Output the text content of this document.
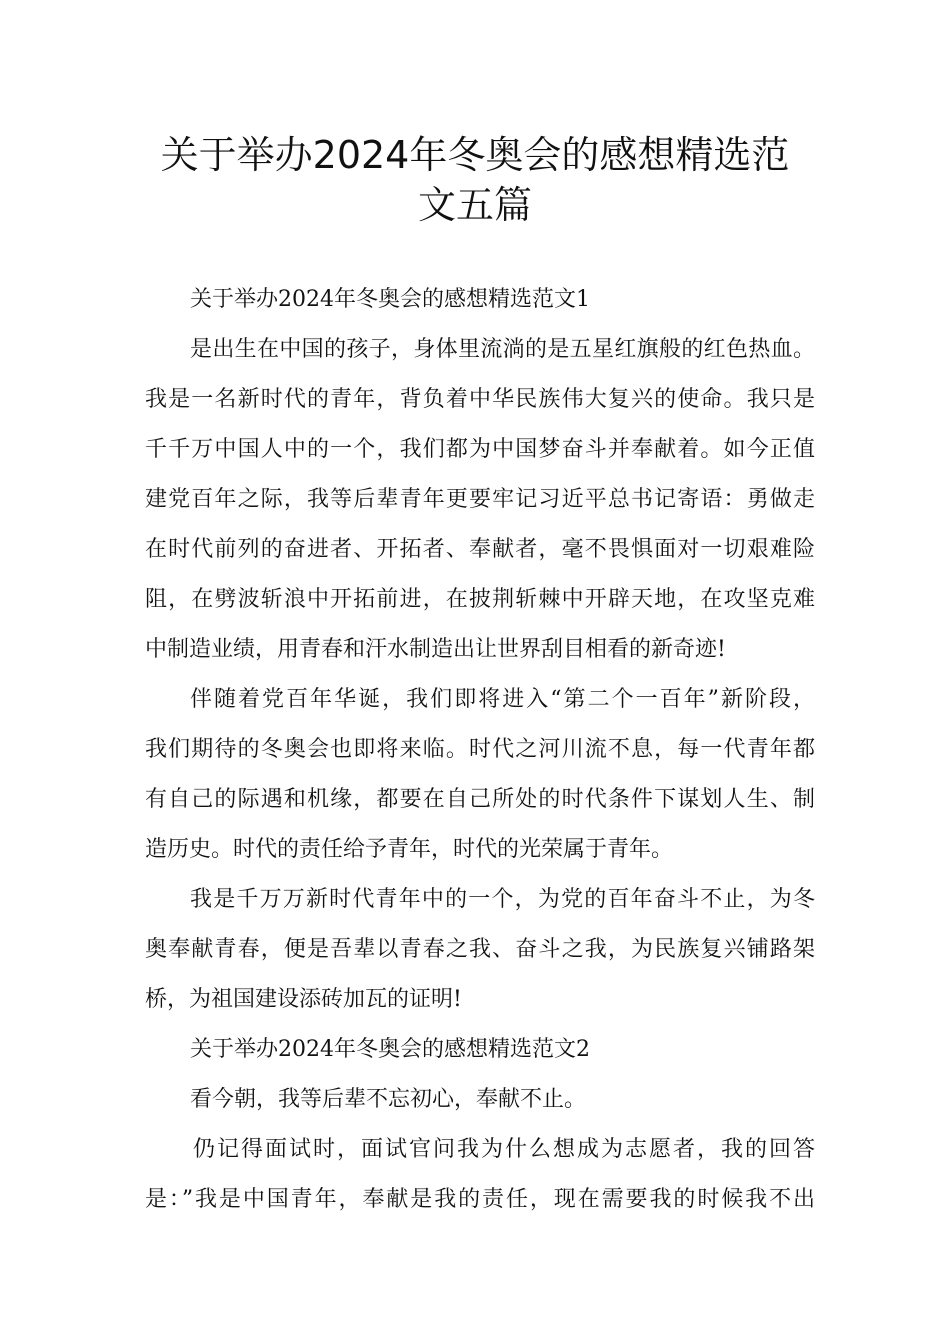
关于举办2024年冬奥会的感想精选范
文五篇

关于举办2024年冬奥会的感想精选范文1

是出生在中国的孩子，身体里流淌的是五星红旗般的红色热血。

我是一名新时代的青年，背负着中华民族伟大复兴的使命。我只是

千千万中国人中的一个，我们都为中国梦奋斗并奉献着。如今正值

建党百年之际，我等后辈青年更要牢记习近平总书记寄语：勇做走

在时代前列的奋进者、开拓者、奉献者，毫不畏惧面对一切艰难险

阻，在劈波斩浪中开拓前进，在披荆斩棘中开辟天地，在攻坚克难

中制造业绩，用青春和汗水制造出让世界刮目相看的新奇迹!

伴随着党百年华诞，我们即将进入“第二个一百年”新阶段，

我们期待的冬奥会也即将来临。时代之河川流不息，每一代青年都

有自己的际遇和机缘，都要在自己所处的时代条件下谋划人生、制

造历史。时代的责任给予青年，时代的光荣属于青年。

我是千万万新时代青年中的一个，为党的百年奋斗不止，为冬

奥奉献青春，便是吾辈以青春之我、奋斗之我，为民族复兴铺路架

桥，为祖国建设添砖加瓦的证明!

关于举办2024年冬奥会的感想精选范文2

看今朝，我等后辈不忘初心，奉献不止。

仍记得面试时，面试官问我为什么想成为志愿者，我的回答

是：”我是中国青年，奉献是我的责任，现在需要我的时候我不出
